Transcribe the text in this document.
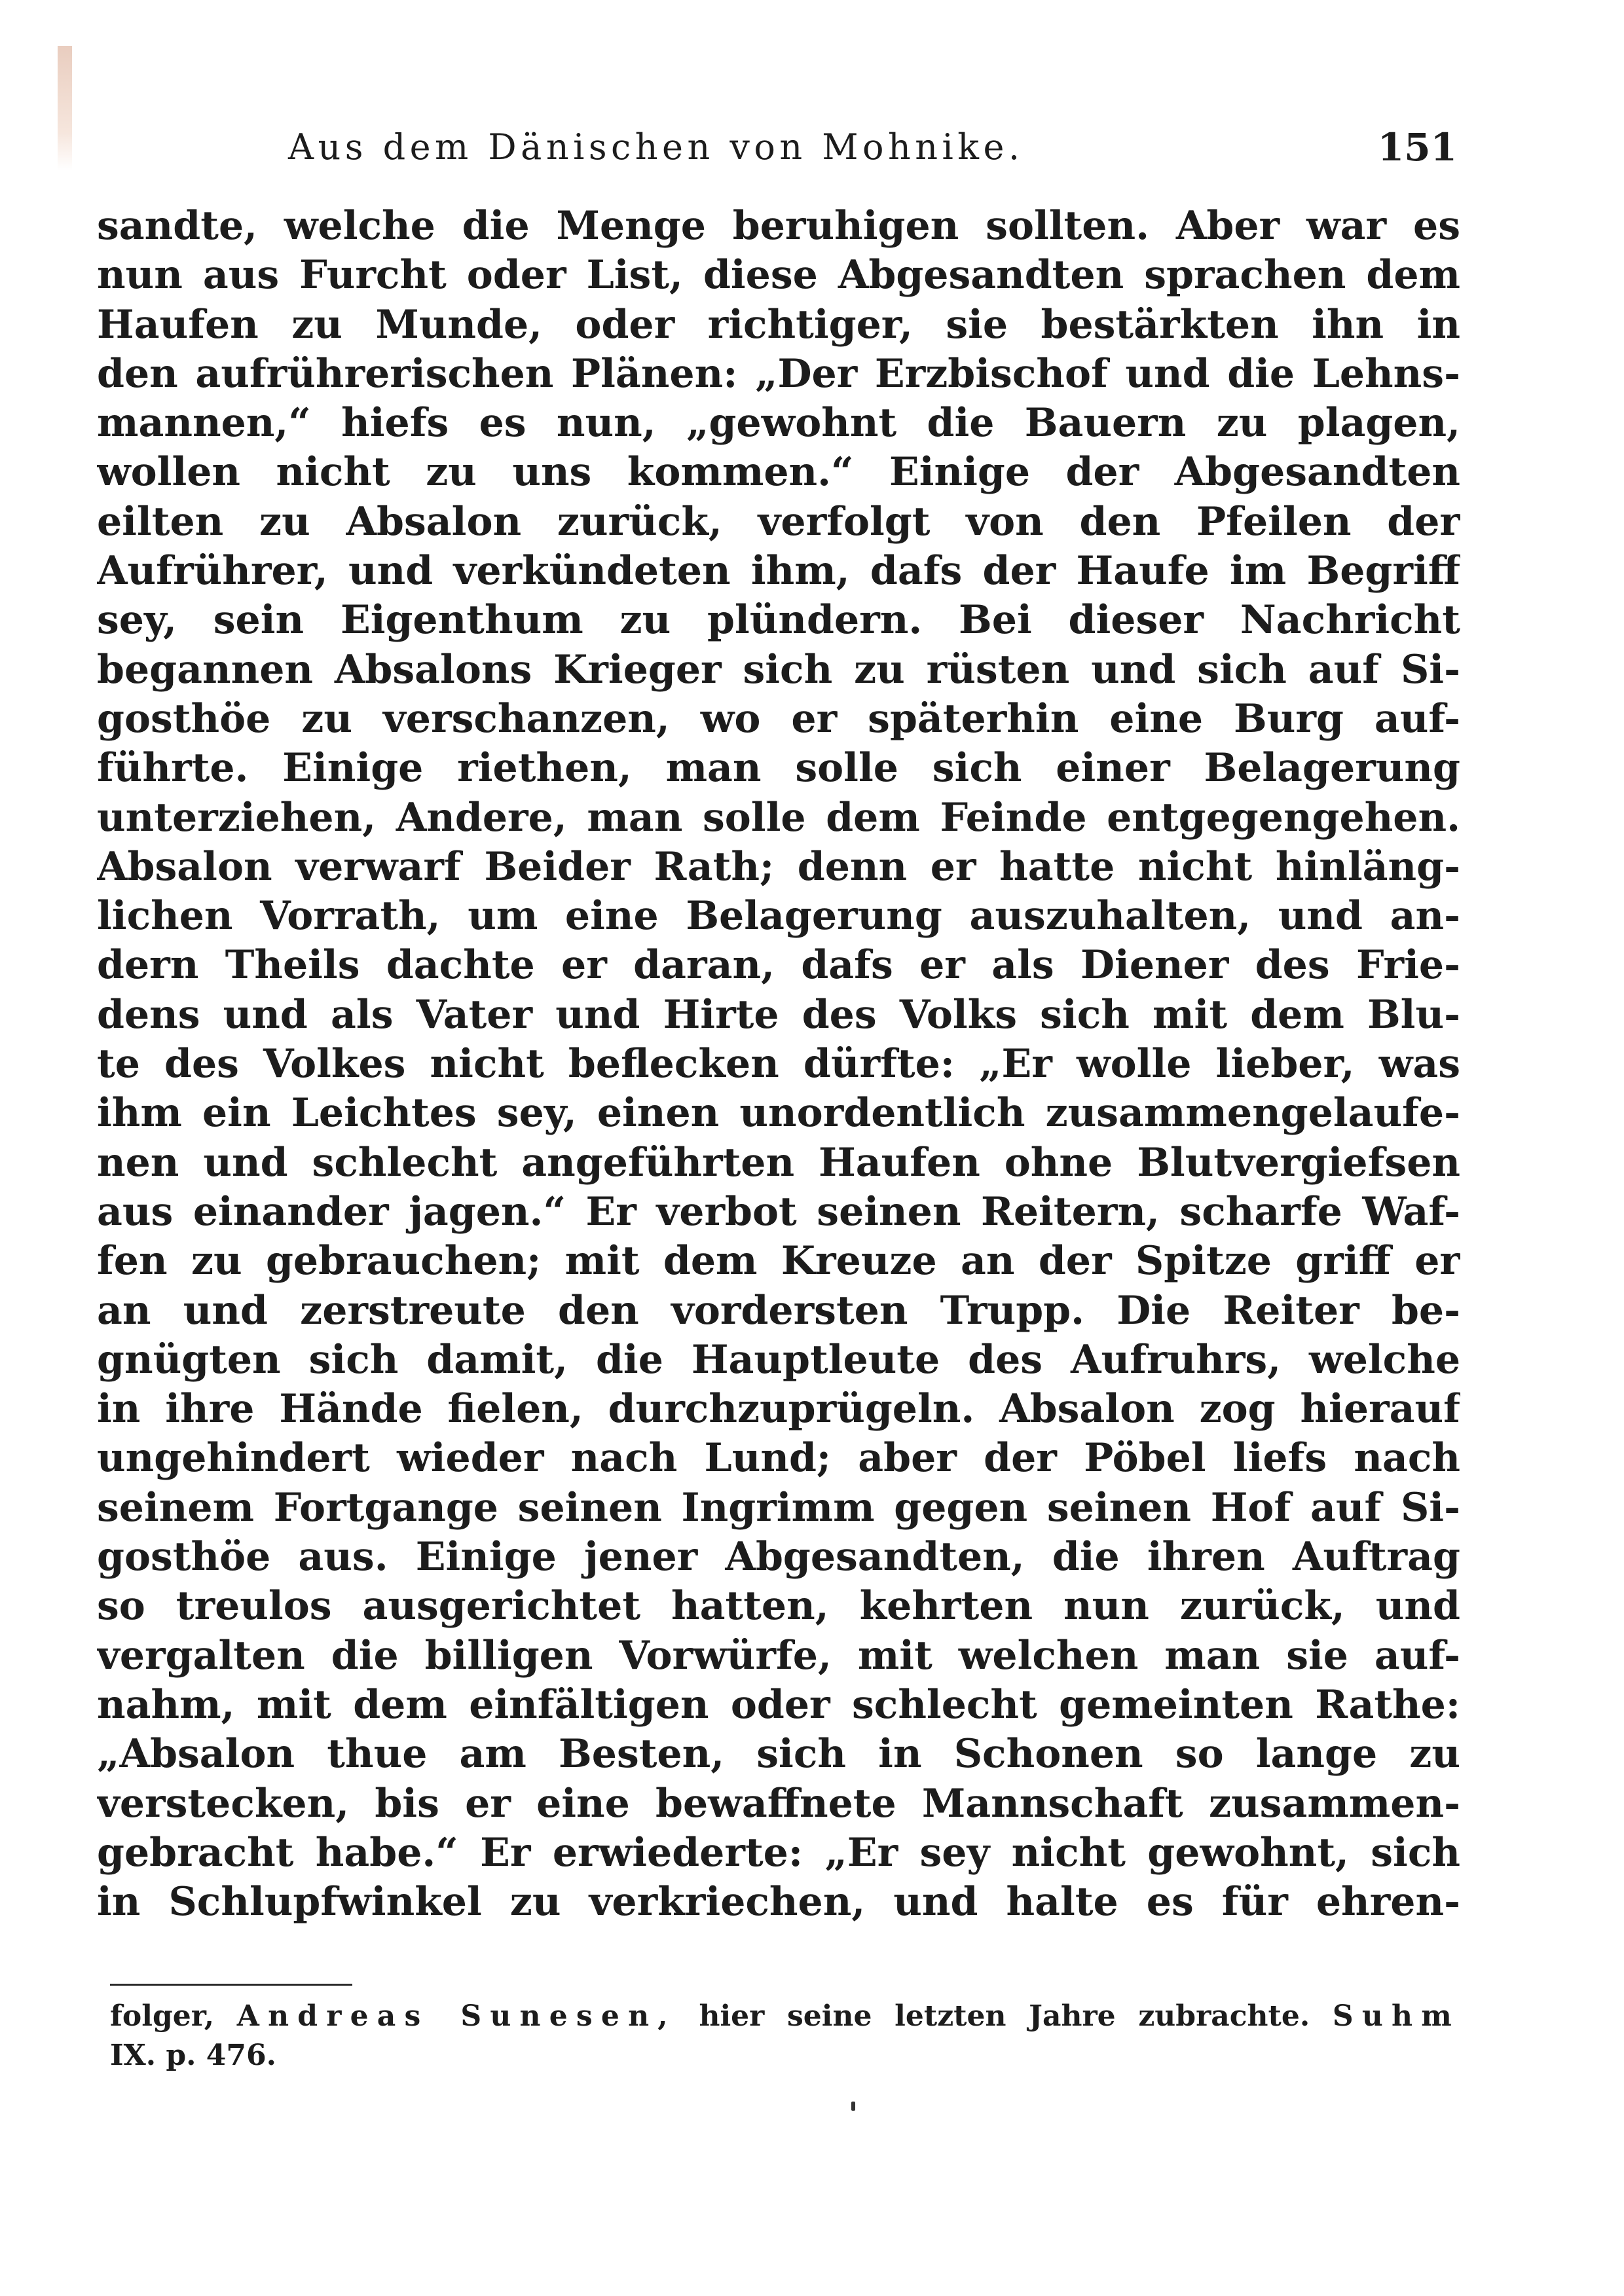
Aus dem Dänischen von Mohnike.	151
sandte, welche die Menge beruhigen sollten. Aber war es
nun aus Furcht oder List, diese Abgesandten sprachen dem
Haufen zu Munde, oder richtiger, sie bestärkten ihn in
den aufrührerischen Plänen: „Der Erzbischof und die Lehns-
mannen,“ hiefs es nun, „gewohnt die Bauern zu plagen,
wollen nicht zu uns kommen.“ Einige der Abgesandten
eilten zu Absalon zurück, verfolgt von den Pfeilen der
Aufrührer, und verkündeten ihm, dafs der Haufe im Begriff
sey, sein Eigenthum zu plündern. Bei dieser Nachricht
begannen Absalons Krieger sich zu rüsten und sich auf Si-
gosthöe zu verschanzen, wo er späterhin eine Burg auf-
führte. Einige riethen, man solle sich einer Belagerung
unterziehen, Andere, man solle dem Feinde entgegengehen.
Absalon verwarf Beider Rath; denn er hatte nicht hinläng-
lichen Vorrath, um eine Belagerung auszuhalten, und an-
dern Theils dachte er daran, dafs er als Diener des Frie-
dens und als Vater und Hirte des Volks sich mit dem Blu-
te des Volkes nicht beflecken dürfte: „Er wolle lieber, was
ihm ein Leichtes sey, einen unordentlich zusammengelaufe-
nen und schlecht angeführten Haufen ohne Blutvergiefsen
aus einander jagen.“ Er verbot seinen Reitern, scharfe Waf-
fen zu gebrauchen; mit dem Kreuze an der Spitze griff er
an und zerstreute den vordersten Trupp. Die Reiter be-
gnügten sich damit, die Hauptleute des Aufruhrs, welche
in ihre Hände fielen, durchzuprügeln. Absalon zog hierauf
ungehindert wieder nach Lund; aber der Pöbel liefs nach
seinem Fortgange seinen Ingrimm gegen seinen Hof auf Si-
gosthöe aus. Einige jener Abgesandten, die ihren Auftrag
so treulos ausgerichtet hatten, kehrten nun zurück, und
vergalten die billigen Vorwürfe, mit welchen man sie auf-
nahm, mit dem einfältigen oder schlecht gemeinten Rathe:
„Absalon thue am Besten, sich in Schonen so lange zu
verstecken, bis er eine bewaffnete Mannschaft zusammen-
gebracht habe.“ Er erwiederte: „Er sey nicht gewohnt, sich
in Schlupfwinkel zu verkriechen, und halte es für ehren-
folger, Andreas Sunesen, hier seine letzten Jahre zubrachte. Suhm
IX. p. 476.
